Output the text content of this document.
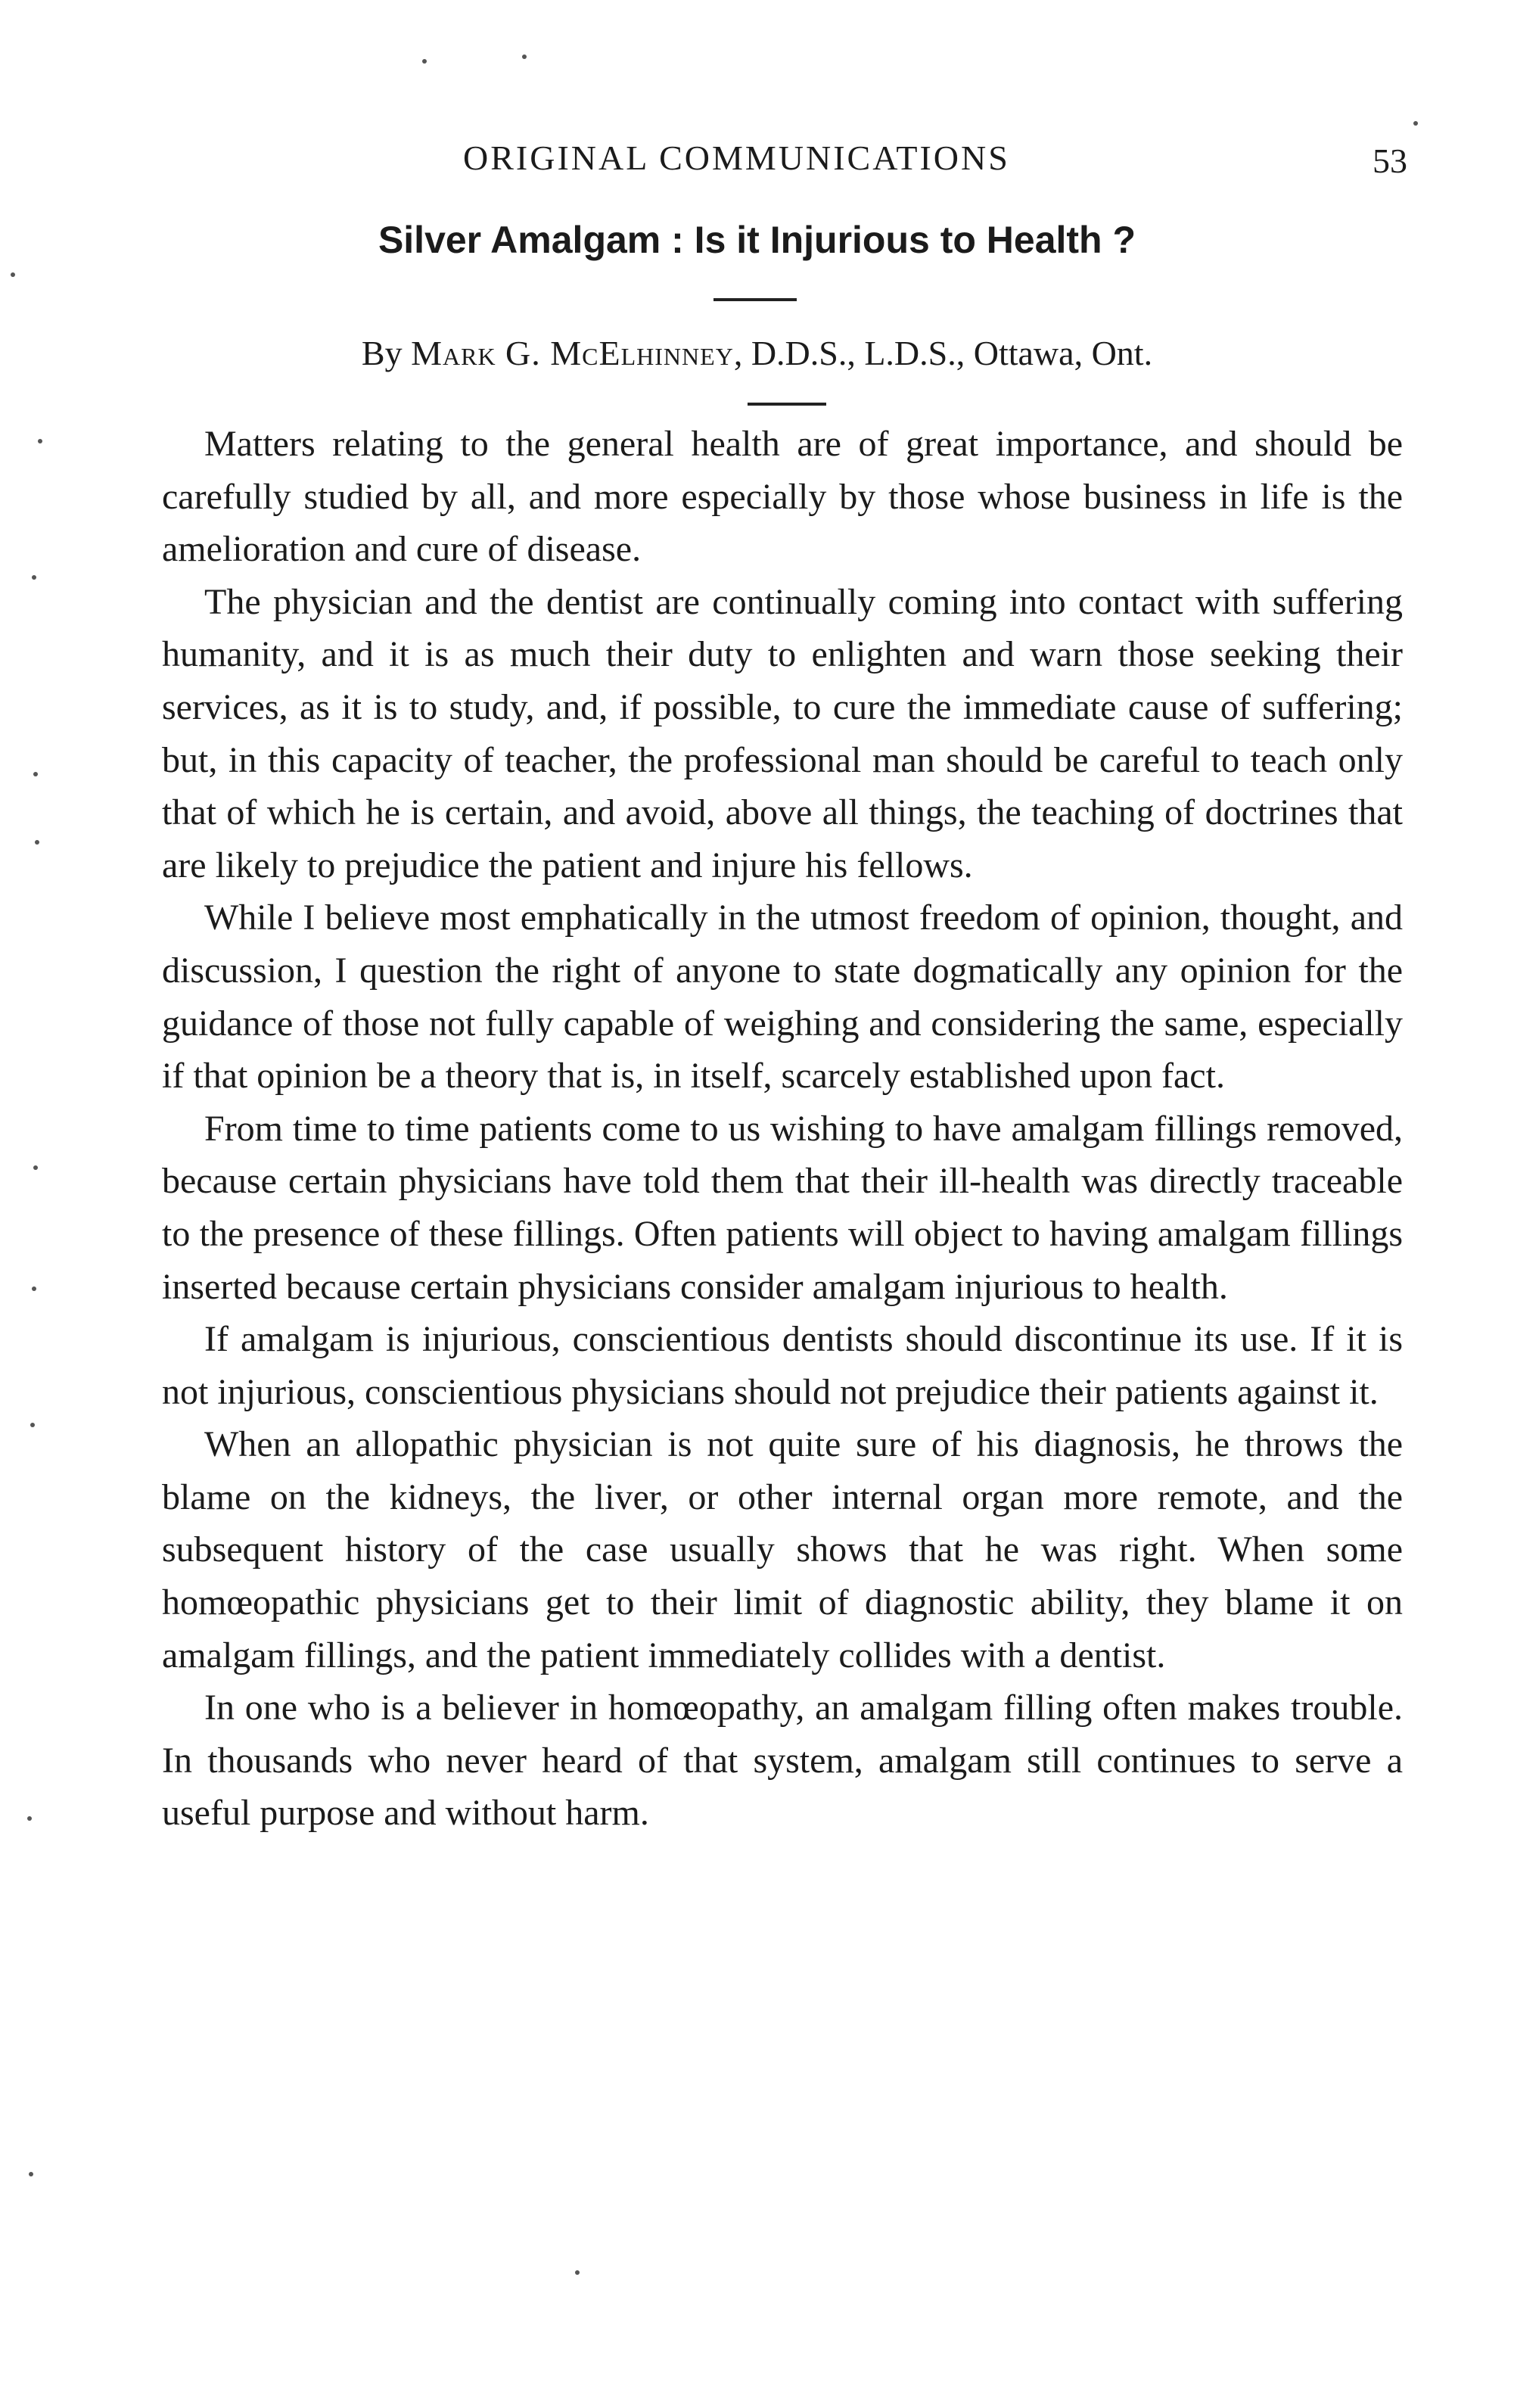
ORIGINAL COMMUNICATIONS	53
Silver Amalgam : Is it Injurious to Health ?
By Mark G. McElhinney, D.D.S., L.D.S., Ottawa, Ont.

Matters relating to the general health are of great importance, and should be carefully studied by all, and more especially by those whose business in life is the amelioration and cure of disease.

The physician and the dentist are continually coming into contact with suffering humanity, and it is as much their duty to enlighten and warn those seeking their services, as it is to study, and, if possible, to cure the immediate cause of suffering; but, in this capacity of teacher, the professional man should be careful to teach only that of which he is certain, and avoid, above all things, the teaching of doctrines that are likely to prejudice the patient and injure his fellows.

While I believe most emphatically in the utmost freedom of opinion, thought, and discussion, I question the right of anyone to state dogmatically any opinion for the guidance of those not fully capable of weighing and considering the same, especially if that opinion be a theory that is, in itself, scarcely established upon fact.

From time to time patients come to us wishing to have amalgam fillings removed, because certain physicians have told them that their ill-health was directly traceable to the presence of these fillings. Often patients will object to having amalgam fillings inserted because certain physicians consider amalgam injurious to health.

If amalgam is injurious, conscientious dentists should discontinue its use. If it is not injurious, conscientious physicians should not prejudice their patients against it.

When an allopathic physician is not quite sure of his diagnosis, he throws the blame on the kidneys, the liver, or other internal organ more remote, and the subsequent history of the case usually shows that he was right. When some homœopathic physicians get to their limit of diagnostic ability, they blame it on amalgam fillings, and the patient immediately collides with a dentist.

In one who is a believer in homœopathy, an amalgam filling often makes trouble. In thousands who never heard of that system, amalgam still continues to serve a useful purpose and without harm.
